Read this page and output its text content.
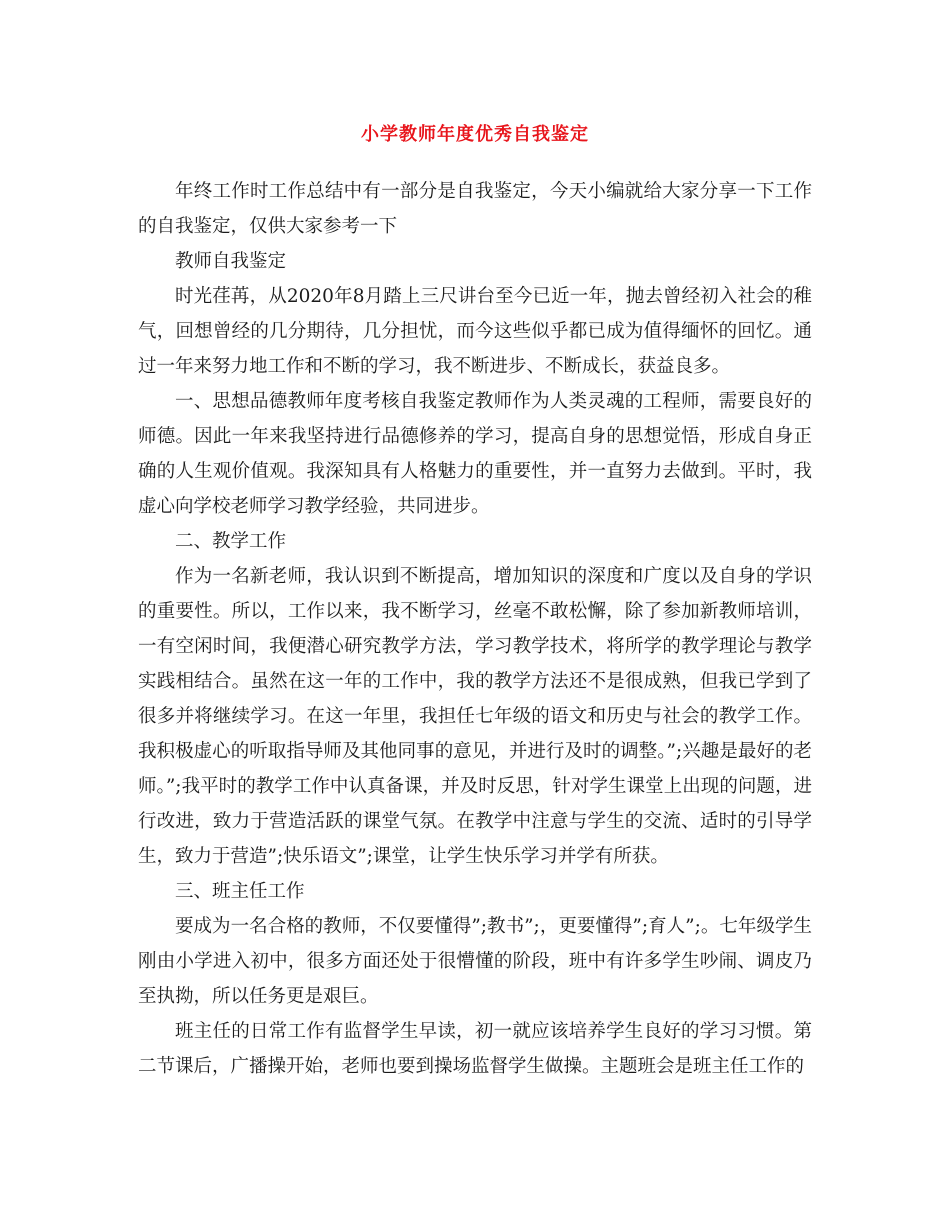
小学教师年度优秀自我鉴定

年终工作时工作总结中有一部分是自我鉴定，今天小编就给大家分享一下工作的自我鉴定，仅供大家参考一下

教师自我鉴定

时光荏苒，从2020年8月踏上三尺讲台至今已近一年，抛去曾经初入社会的稚气，回想曾经的几分期待，几分担忧，而今这些似乎都已成为值得缅怀的回忆。通过一年来努力地工作和不断的学习，我不断进步、不断成长，获益良多。

一、思想品德教师年度考核自我鉴定教师作为人类灵魂的工程师，需要良好的师德。因此一年来我坚持进行品德修养的学习，提高自身的思想觉悟，形成自身正确的人生观价值观。我深知具有人格魅力的重要性，并一直努力去做到。平时，我虚心向学校老师学习教学经验，共同进步。

二、教学工作

作为一名新老师，我认识到不断提高，增加知识的深度和广度以及自身的学识的重要性。所以，工作以来，我不断学习，丝毫不敢松懈，除了参加新教师培训，一有空闲时间，我便潜心研究教学方法，学习教学技术，将所学的教学理论与教学实践相结合。虽然在这一年的工作中，我的教学方法还不是很成熟，但我已学到了很多并将继续学习。在这一年里，我担任七年级的语文和历史与社会的教学工作。我积极虚心的听取指导师及其他同事的意见，并进行及时的调整。”;兴趣是最好的老师。”;我平时的教学工作中认真备课，并及时反思，针对学生课堂上出现的问题，进行改进，致力于营造活跃的课堂气氛。在教学中注意与学生的交流、适时的引导学生，致力于营造”;快乐语文”;课堂，让学生快乐学习并学有所获。

三、班主任工作

要成为一名合格的教师，不仅要懂得”;教书”;，更要懂得”;育人”;。七年级学生刚由小学进入初中，很多方面还处于很懵懂的阶段，班中有许多学生吵闹、调皮乃至执拗，所以任务更是艰巨。

班主任的日常工作有监督学生早读，初一就应该培养学生良好的学习习惯。第二节课后，广播操开始，老师也要到操场监督学生做操。主题班会是班主任工作的
